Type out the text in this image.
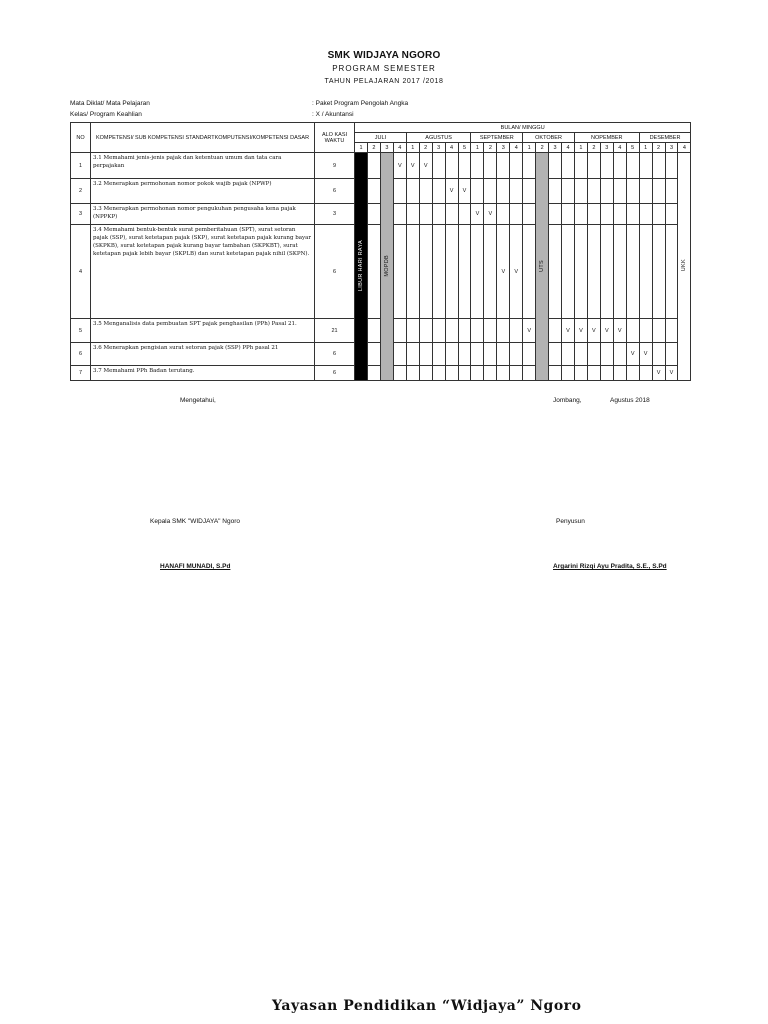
SMK WIDJAYA NGORO
PROGRAM SEMESTER
TAHUN PELAJARAN 2017 /2018
Mata Diklat/ Mata Pelajaran	: Paket Program Pengolah Angka
Kelas/ Program Keahlian	: X / Akuntansi
NO	KOMPETENSI/ SUB KOMPETENSI STANDARTKOMPUTENSI/KOMPETENSI DASAR	ALO KASI WAKTU	BULAN/ MINGGU																									
			JULI				AGUSTUS					SEPTEMBER				OKTOBER				NOPEMBER					DESEMBER			
			1	2	3	4	1	2	3	4	5	1	2	3	4	1	2	3	4	1	2	3	4	5	1	2	3	4
1	3.1 Memahami jenis-jenis pajak dan ketentuan umum dan tata cara perpajakan	9	LIBUR HARI RAYA		MOPDB	V	V	V									UTS											UKK
2	3.2 Menerapkan permohonan nomor pokok wajib pajak (NPWP)	6								V	V																	
3	3.3 Menerapkan permohonan nomor pengukuhan pengusaha kena pajak (NPPKP)	3										V	V															
4	3.4 Memahami bentuk-bentuk surat pemberitahuan (SPT), surat setoran pajak (SSP), surat ketetapan pajak (SKP), surat ketetapan pajak kurang bayar (SKPKB), surat ketetapan pajak kurang bayar tambahan (SKPKBT), surat ketetapan pajak lebih bayar (SKPLB) dan surat ketetapan pajak nihil (SKPN).	6												V	V													
5	3.5 Menganalisis data pembuatan SPT pajak penghasilan (PPh) Pasal 21.	21														V			V	V	V	V	V					
6	3.6 Menerapkan pengisian surat setoran pajak (SSP) PPh pasal 21	6																						V	V			
7	3.7 Memahami PPh Badan terutang.	6																								V	V	
Mengetahui,	Jombang,	Agustus 2018
Kepala SMK "WIDJAYA" Ngoro	Penyusun
HANAFI MUNADI, S.Pd	Argarini Rizqi Ayu Pradita, S.E., S.Pd
Yayasan Pendidikan “Widjaya” Ngoro
